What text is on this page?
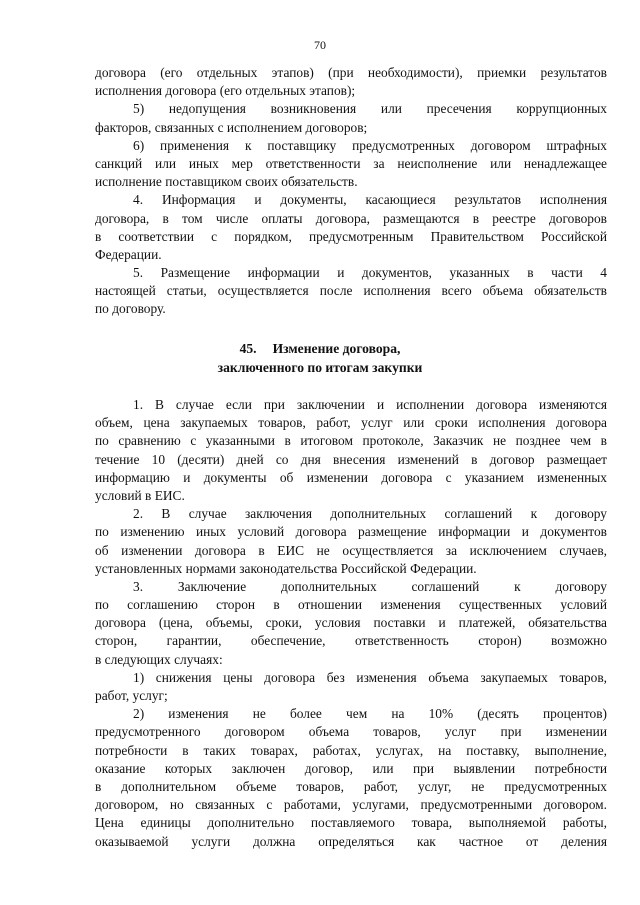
70
договора (его отдельных этапов) (при необходимости), приемки результатов
исполнения договора (его отдельных этапов);
5) недопущения возникновения или пресечения коррупционных
факторов, связанных с исполнением договоров;
6) применения к поставщику предусмотренных договором штрафных
санкций или иных мер ответственности за неисполнение или ненадлежащее
исполнение поставщиком своих обязательств.
4. Информация и документы, касающиеся результатов исполнения
договора, в том числе оплаты договора, размещаются в реестре договоров
в соответствии с порядком, предусмотренным Правительством Российской
Федерации.
5. Размещение информации и документов, указанных в части 4
настоящей статьи, осуществляется после исполнения всего объема обязательств
по договору.
45. Изменение договора,
заключенного по итогам закупки
1. В случае если при заключении и исполнении договора изменяются
объем, цена закупаемых товаров, работ, услуг или сроки исполнения договора
по сравнению с указанными в итоговом протоколе, Заказчик не позднее чем в
течение 10 (десяти) дней со дня внесения изменений в договор размещает
информацию и документы об изменении договора с указанием измененных
условий в ЕИС.
2. В случае заключения дополнительных соглашений к договору
по изменению иных условий договора размещение информации и документов
об изменении договора в ЕИС не осуществляется за исключением случаев,
установленных нормами законодательства Российской Федерации.
3. Заключение дополнительных соглашений к договору
по соглашению сторон в отношении изменения существенных условий
договора (цена, объемы, сроки, условия поставки и платежей, обязательства
сторон, гарантии, обеспечение, ответственность сторон) возможно
в следующих случаях:
1) снижения цены договора без изменения объема закупаемых товаров,
работ, услуг;
2) изменения не более чем на 10% (десять процентов)
предусмотренного договором объема товаров, услуг при изменении
потребности в таких товарах, работах, услугах, на поставку, выполнение,
оказание которых заключен договор, или при выявлении потребности
в дополнительном объеме товаров, работ, услуг, не предусмотренных
договором, но связанных с работами, услугами, предусмотренными договором.
Цена единицы дополнительно поставляемого товара, выполняемой работы,
оказываемой услуги должна определяться как частное от деления
